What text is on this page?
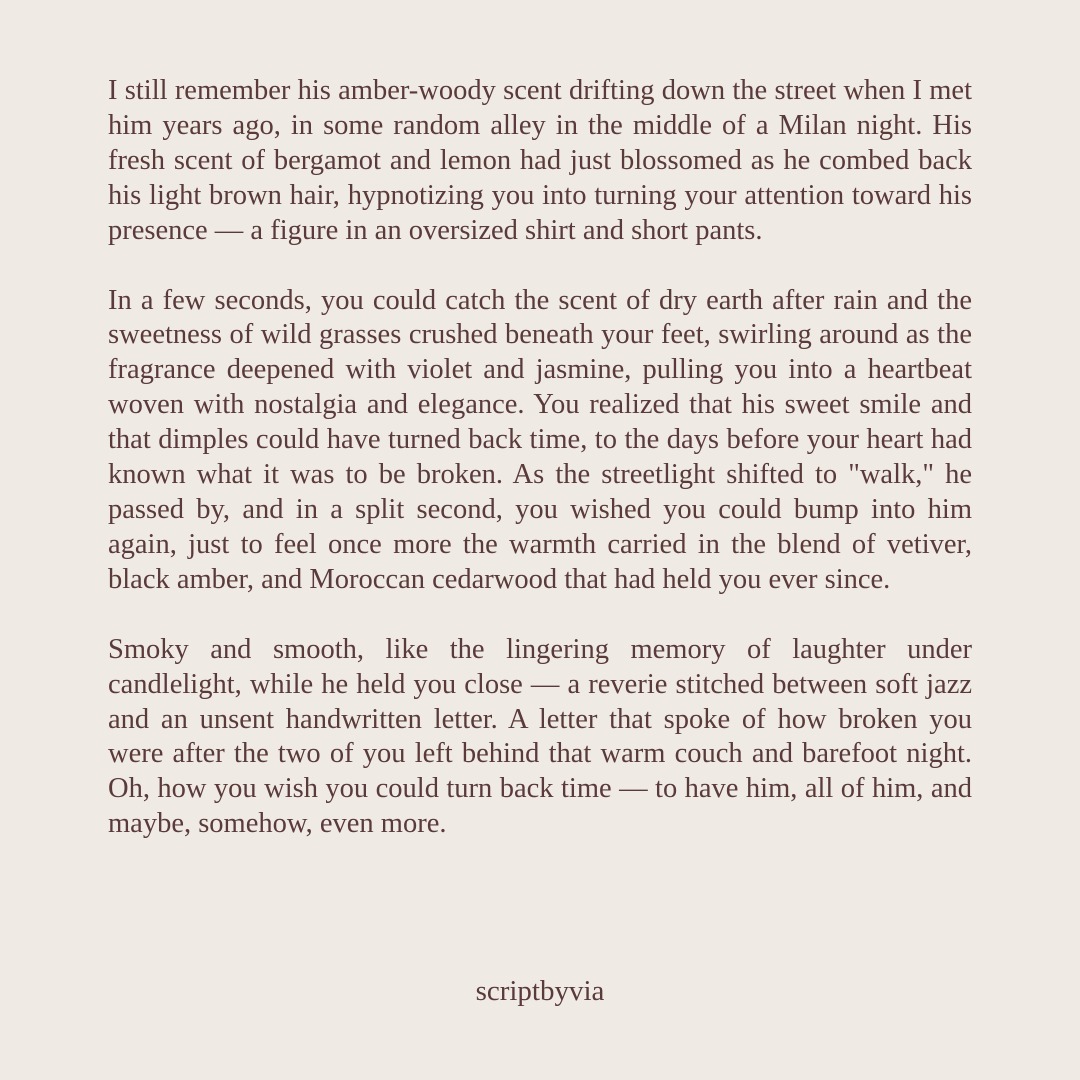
I still remember his amber-woody scent drifting down the street when I met him years ago, in some random alley in the middle of a Milan night. His fresh scent of bergamot and lemon had just blossomed as he combed back his light brown hair, hypnotizing you into turning your attention toward his presence — a figure in an oversized shirt and short pants.

In a few seconds, you could catch the scent of dry earth after rain and the sweetness of wild grasses crushed beneath your feet, swirling around as the fragrance deepened with violet and jasmine, pulling you into a heartbeat woven with nostalgia and elegance. You realized that his sweet smile and that dimples could have turned back time, to the days before your heart had known what it was to be broken. As the streetlight shifted to "walk," he passed by, and in a split second, you wished you could bump into him again, just to feel once more the warmth carried in the blend of vetiver, black amber, and Moroccan cedarwood that had held you ever since.

Smoky and smooth, like the lingering memory of laughter under candlelight, while he held you close — a reverie stitched between soft jazz and an unsent handwritten letter. A letter that spoke of how broken you were after the two of you left behind that warm couch and barefoot night. Oh, how you wish you could turn back time — to have him, all of him, and maybe, somehow, even more.

scriptbyvia
